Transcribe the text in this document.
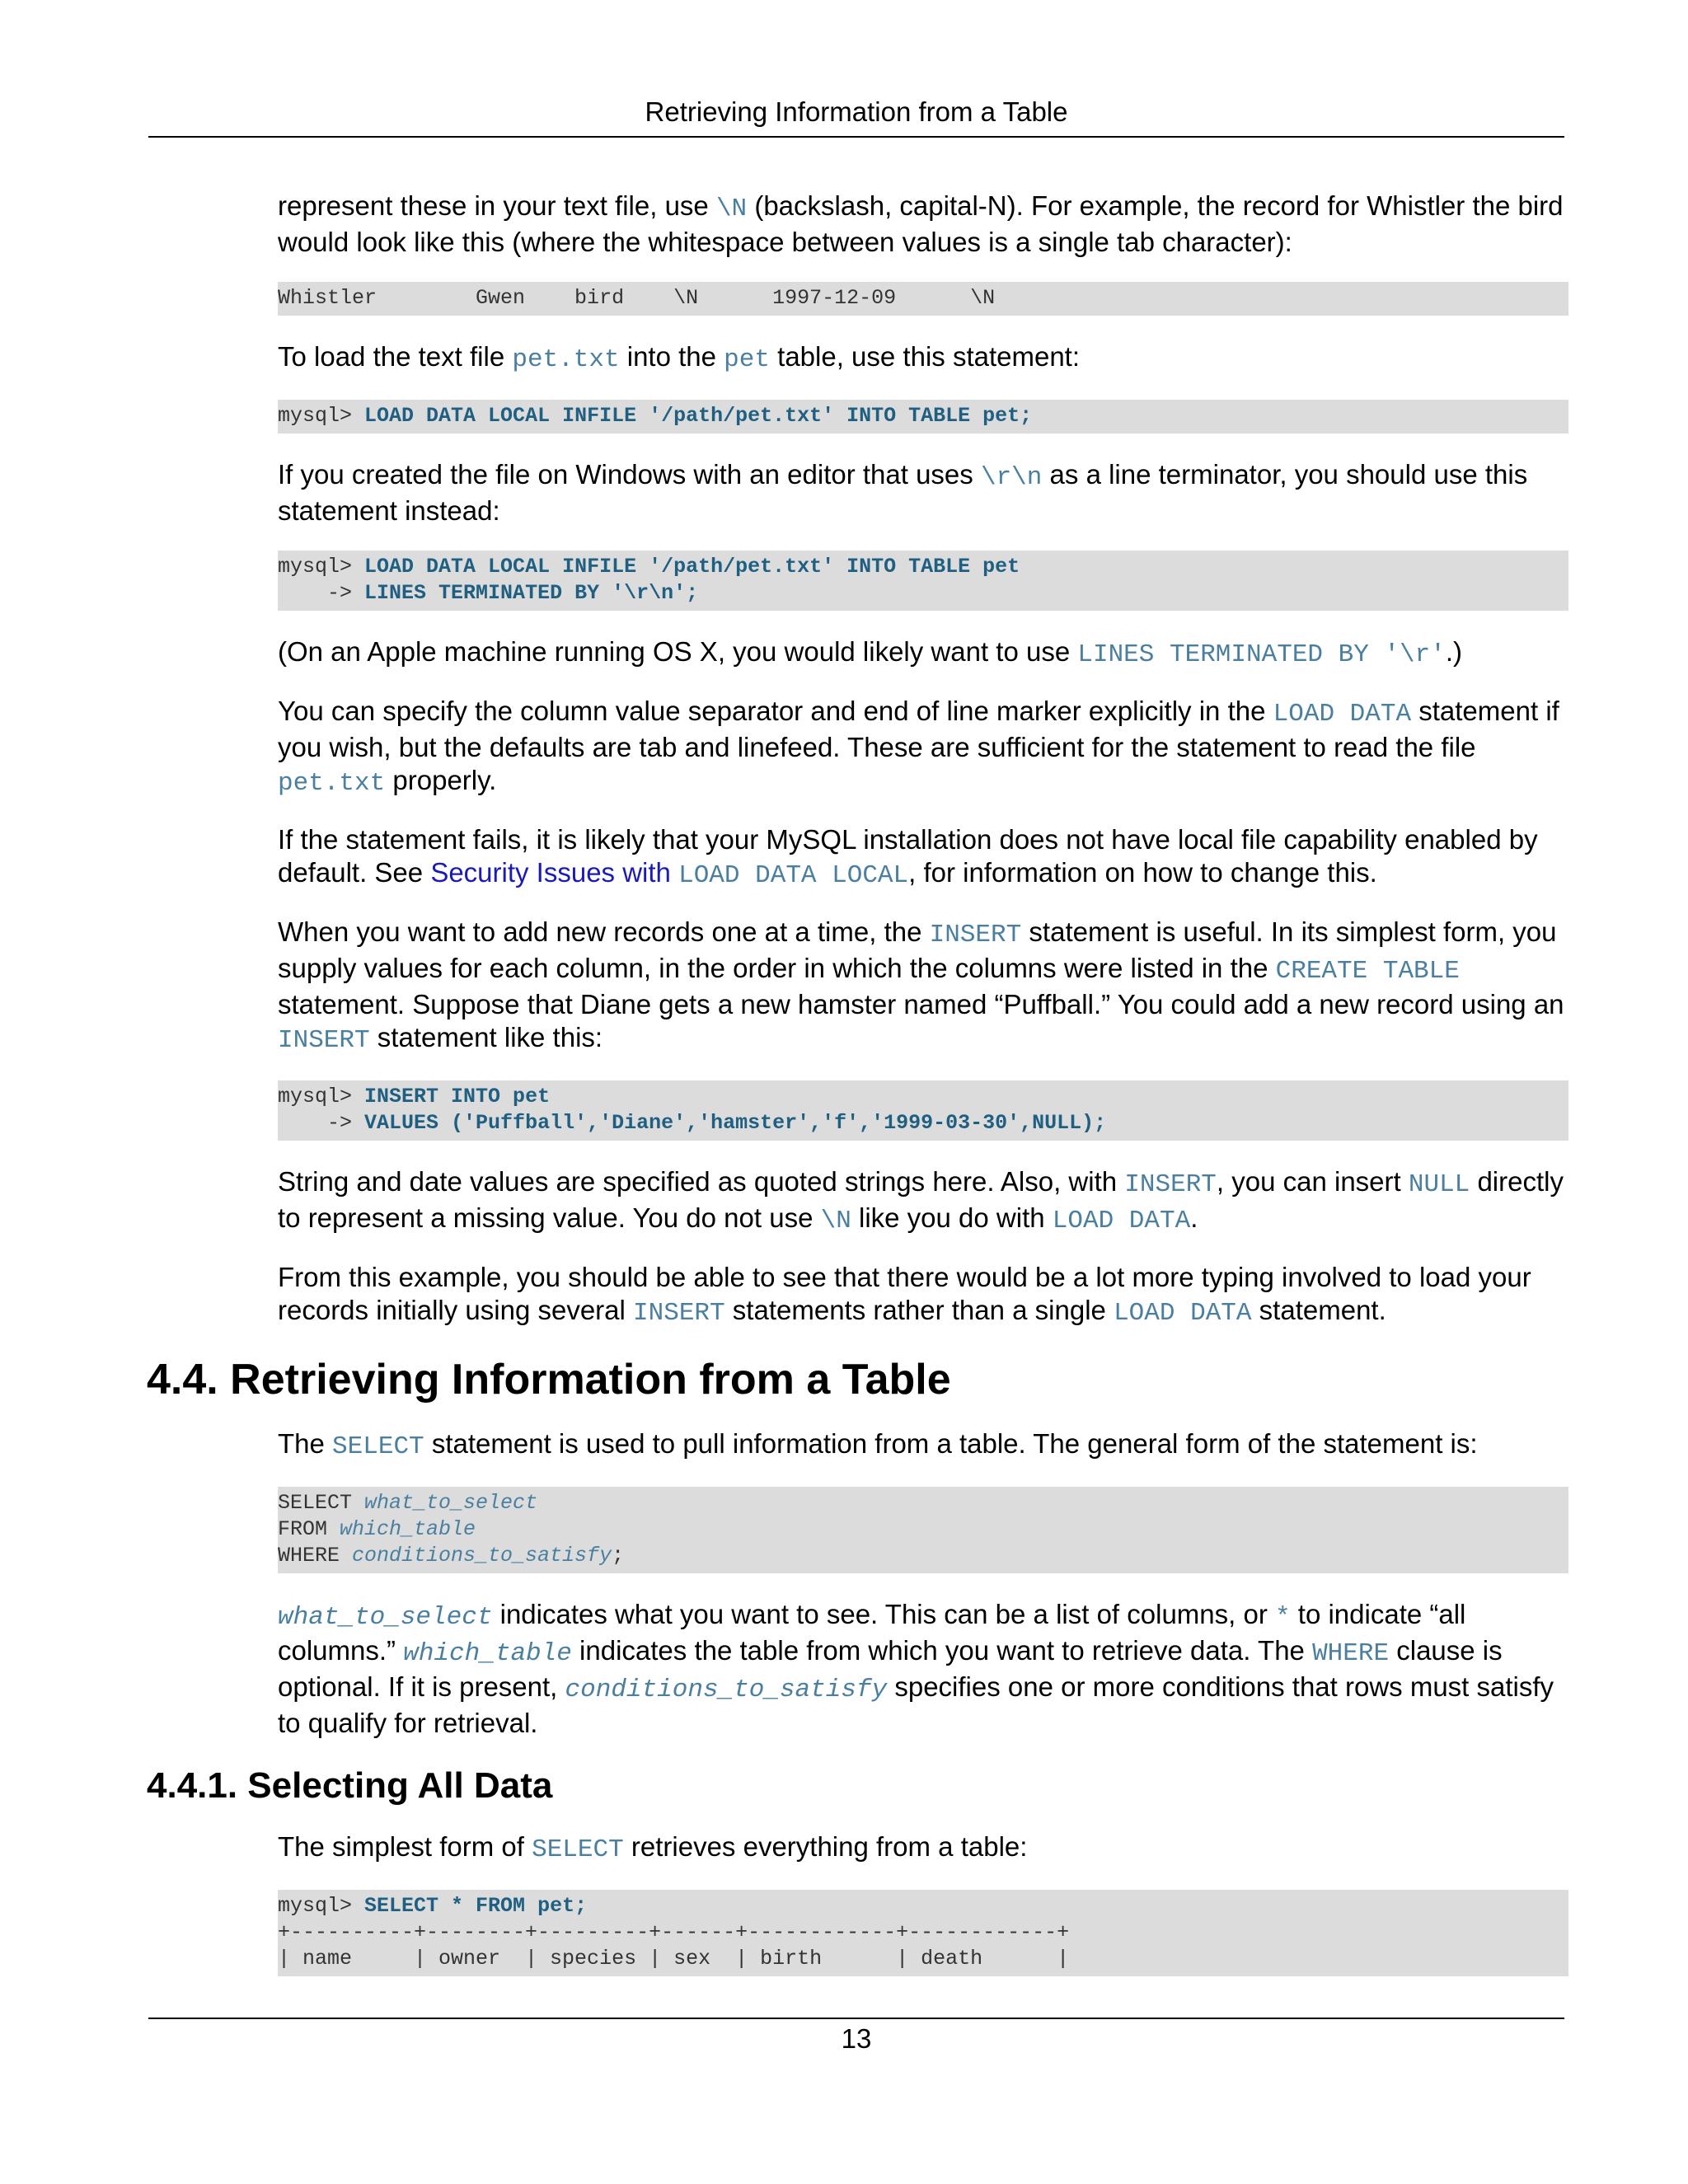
Retrieving Information from a Table

represent these in your text file, use \N (backslash, capital-N). For example, the record for Whistler the bird would look like this (where the whitespace between values is a single tab character):

Whistler        Gwen    bird    \N      1997-12-09      \N

To load the text file pet.txt into the pet table, use this statement:

mysql> LOAD DATA LOCAL INFILE '/path/pet.txt' INTO TABLE pet;

If you created the file on Windows with an editor that uses \r\n as a line terminator, you should use this statement instead:

mysql> LOAD DATA LOCAL INFILE '/path/pet.txt' INTO TABLE pet
-> LINES TERMINATED BY '\r\n';

(On an Apple machine running OS X, you would likely want to use LINES TERMINATED BY '\r'.)

You can specify the column value separator and end of line marker explicitly in the LOAD DATA statement if you wish, but the defaults are tab and linefeed. These are sufficient for the statement to read the file pet.txt properly.

If the statement fails, it is likely that your MySQL installation does not have local file capability enabled by default. See Security Issues with LOAD DATA LOCAL, for information on how to change this.

When you want to add new records one at a time, the INSERT statement is useful. In its simplest form, you supply values for each column, in the order in which the columns were listed in the CREATE TABLE statement. Suppose that Diane gets a new hamster named “Puffball.” You could add a new record using an INSERT statement like this:

mysql> INSERT INTO pet
-> VALUES ('Puffball','Diane','hamster','f','1999-03-30',NULL);

String and date values are specified as quoted strings here. Also, with INSERT, you can insert NULL directly to represent a missing value. You do not use \N like you do with LOAD DATA.

From this example, you should be able to see that there would be a lot more typing involved to load your records initially using several INSERT statements rather than a single LOAD DATA statement.

4.4. Retrieving Information from a Table

The SELECT statement is used to pull information from a table. The general form of the statement is:

SELECT what_to_select
FROM which_table
WHERE conditions_to_satisfy;

what_to_select indicates what you want to see. This can be a list of columns, or * to indicate “all columns.” which_table indicates the table from which you want to retrieve data. The WHERE clause is optional. If it is present, conditions_to_satisfy specifies one or more conditions that rows must satisfy to qualify for retrieval.

4.4.1. Selecting All Data

The simplest form of SELECT retrieves everything from a table:

mysql> SELECT * FROM pet;
+----------+--------+---------+------+------------+------------+
| name     | owner  | species | sex  | birth      | death      |
13
